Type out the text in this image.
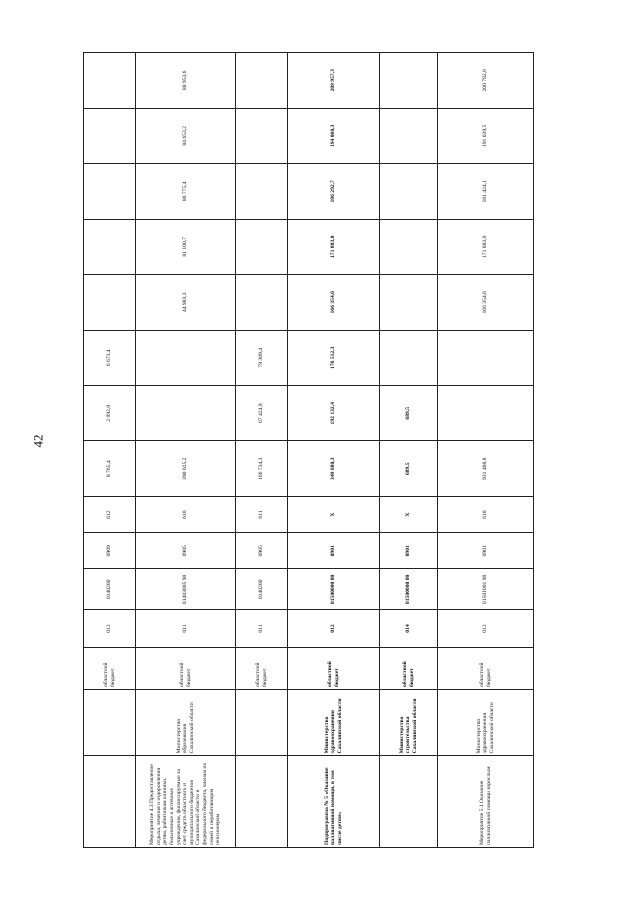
42
		областной бюджет	012	0140200	0909	612	8 765,4	2 092,0	6 673,4					
Мероприятие 4.3 Предоставление отдыха, лечения и оздоровления детям, работникам клиники, больничные и аптечные учреждения, финансируемые за счет средств областного и муниципального бюджетов Сахалинской области и федерального бюджета, членам их семей и неработающим пенсионерам	Министерство образования Сахалинской области	областной бюджет	011	01403005 90	0905	610	390 025,2			44 983,3	81 100,7	80 775,4	84 653,2	88 953,6
		областной бюджет	011	0140200	0905	611	166 734,3	67 424,9	79 309,4					
Подпрограмма № 5 «Оказание паллиативной помощи, в том числе детям»	Министерство здравоохранения Сахалинской области	областной бюджет	012	01500000 00	0901	Х	349 680,3	192 132,4	176 512,3	166 354,6	171 883,0	186 292,7	194 060,3	209 957,3
	Министерство строительства Сахалинской области	областной бюджет	014	01500000 00	0901	Х	689,5	689,5						
Мероприятие 5.1 Оказание паллиативной помощи взрослым	Министерство здравоохранения Сахалинской области	областной бюджет	012	01501001 90	0901	610	931 408,8			166 354,6	171 883,0	181 424,1	191 039,5	200 782,6
